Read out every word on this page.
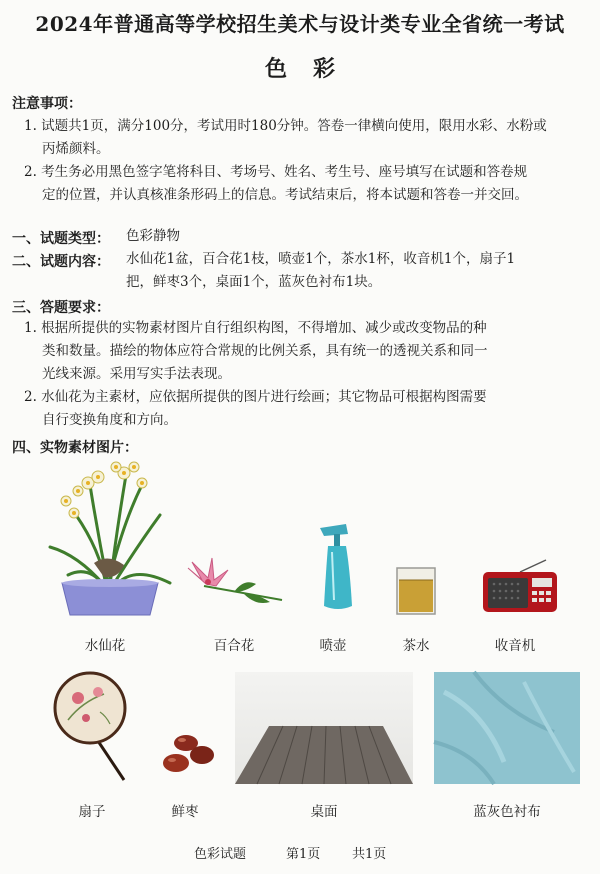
2024年普通高等学校招生美术与设计类专业全省统一考试
色彩
注意事项：
1. 试题共1页，满分100分，考试用时180分钟。答卷一律横向使用，限用水彩、水粉或
丙烯颜料。
2. 考生务必用黑色签字笔将科目、考场号、姓名、考生号、座号填写在试题和答卷规
定的位置，并认真核准条形码上的信息。考试结束后，将本试题和答卷一并交回。
一、试题类型： 色彩静物
二、试题内容： 水仙花1盆，百合花1枝，喷壶1个，茶水1杯，收音机1个，扇子1
把，鲜枣3个，桌面1个，蓝灰色衬布1块。
三、答题要求：
1. 根据所提供的实物素材图片自行组织构图，不得增加、减少或改变物品的种
类和数量。描绘的物体应符合常规的比例关系，具有统一的透视关系和同一
光线来源。采用写实手法表现。
2. 水仙花为主素材，应依据所提供的图片进行绘画；其它物品可根据构图需要
自行变换角度和方向。
四、实物素材图片：
水仙花	百合花	喷壶	茶水	收音机
扇子	鲜枣	桌面	蓝灰色衬布
色彩试题	第1页 共1页
